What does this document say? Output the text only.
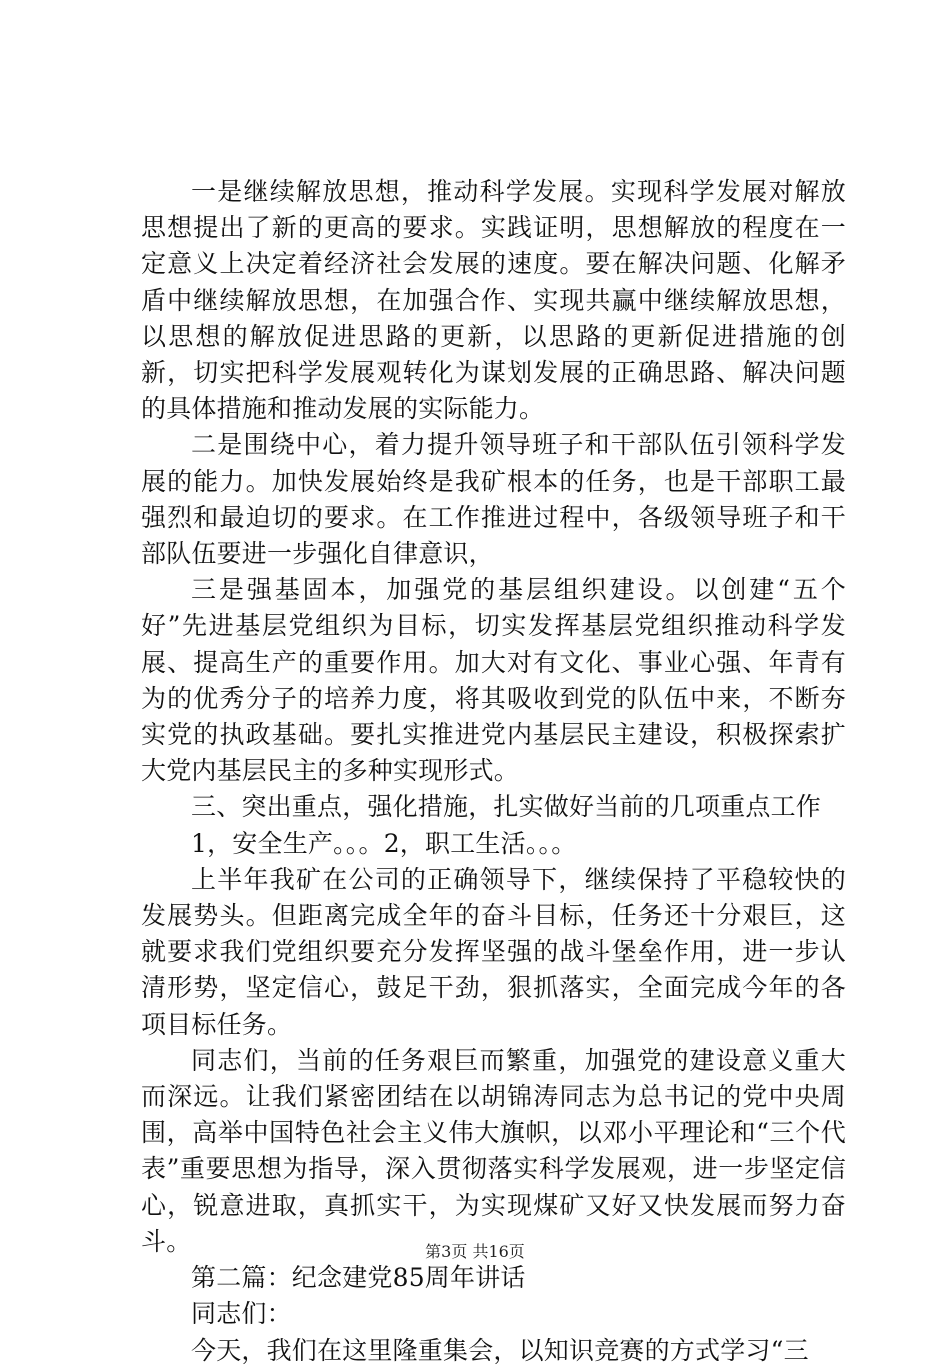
一是继续解放思想，推动科学发展。实现科学发展对解放思想提出了新的更高的要求。实践证明，思想解放的程度在一定意义上决定着经济社会发展的速度。要在解决问题、化解矛盾中继续解放思想，在加强合作、实现共赢中继续解放思想，以思想的解放促进思路的更新，以思路的更新促进措施的创新，切实把科学发展观转化为谋划发展的正确思路、解决问题的具体措施和推动发展的实际能力。

二是围绕中心，着力提升领导班子和干部队伍引领科学发展的能力。加快发展始终是我矿根本的任务，也是干部职工最强烈和最迫切的要求。在工作推进过程中，各级领导班子和干部队伍要进一步强化自律意识，

三是强基固本，加强党的基层组织建设。以创建“五个好”先进基层党组织为目标，切实发挥基层党组织推动科学发展、提高生产的重要作用。加大对有文化、事业心强、年青有为的优秀分子的培养力度，将其吸收到党的队伍中来，不断夯实党的执政基础。要扎实推进党内基层民主建设，积极探索扩大党内基层民主的多种实现形式。

三、突出重点，强化措施，扎实做好当前的几项重点工作

1，安全生产。。。2，职工生活。。。

上半年我矿在公司的正确领导下，继续保持了平稳较快的发展势头。但距离完成全年的奋斗目标，任务还十分艰巨，这就要求我们党组织要充分发挥坚强的战斗堡垒作用，进一步认清形势，坚定信心，鼓足干劲，狠抓落实，全面完成今年的各项目标任务。

同志们，当前的任务艰巨而繁重，加强党的建设意义重大而深远。让我们紧密团结在以胡锦涛同志为总书记的党中央周围，高举中国特色社会主义伟大旗帜，以邓小平理论和“三个代表”重要思想为指导，深入贯彻落实科学发展观，进一步坚定信心，锐意进取，真抓实干，为实现煤矿又好又快发展而努力奋斗。

第二篇：纪念建党85周年讲话

同志们：

今天，我们在这里隆重集会，以知识竞赛的方式学习“三

第3页 共16页
